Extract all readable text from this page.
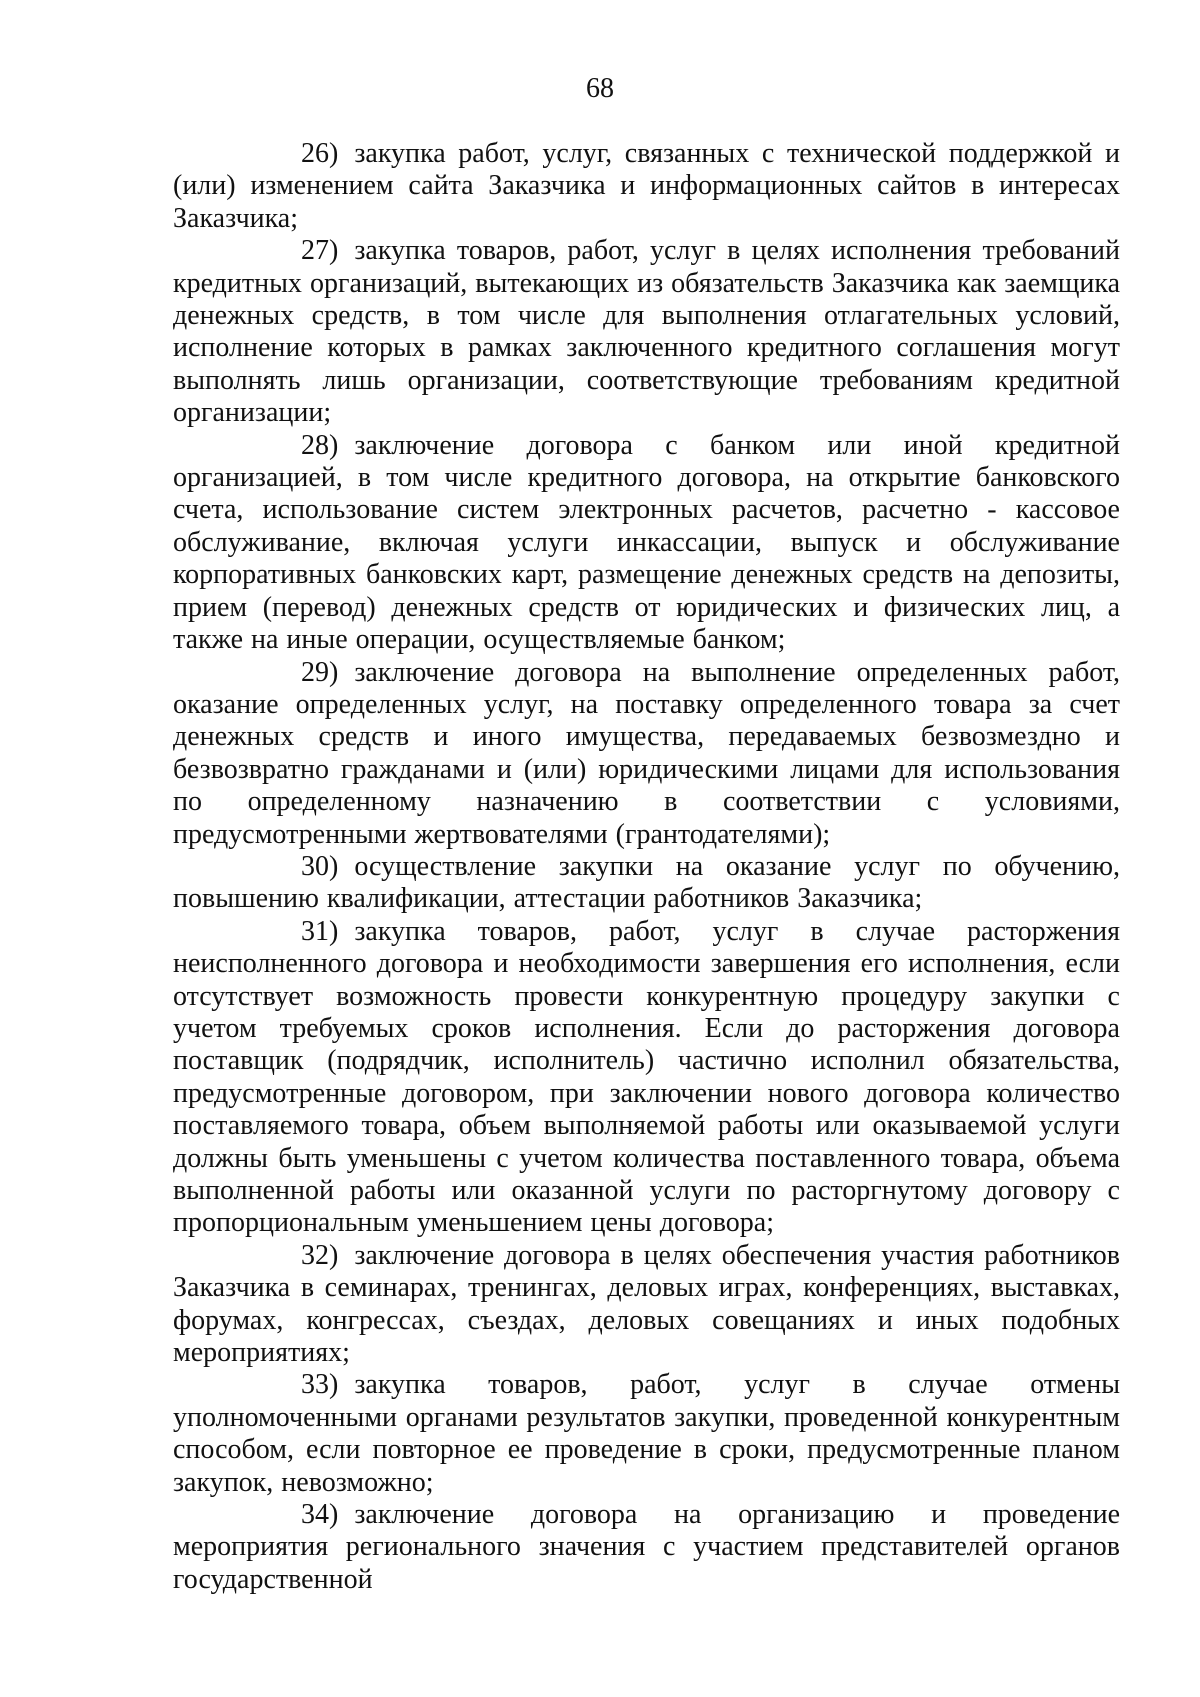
68

26) закупка работ, услуг, связанных с технической поддержкой и (или) изменением сайта Заказчика и информационных сайтов в интересах Заказчика;

27) закупка товаров, работ, услуг в целях исполнения требований кредитных организаций, вытекающих из обязательств Заказчика как заемщика денежных средств, в том числе для выполнения отлагательных условий, исполнение которых в рамках заключенного кредитного соглашения могут выполнять лишь организации, соответствующие требованиям кредитной организации;

28) заключение договора с банком или иной кредитной организацией, в том числе кредитного договора, на открытие банковского счета, использование систем электронных расчетов, расчетно - кассовое обслуживание, включая услуги инкассации, выпуск и обслуживание корпоративных банковских карт, размещение денежных средств на депозиты, прием (перевод) денежных средств от юридических и физических лиц, а также на иные операции, осуществляемые банком;

29) заключение договора на выполнение определенных работ, оказание определенных услуг, на поставку определенного товара за счет денежных средств и иного имущества, передаваемых безвозмездно и безвозвратно гражданами и (или) юридическими лицами для использования по определенному назначению в соответствии с условиями, предусмотренными жертвователями (грантодателями);

30) осуществление закупки на оказание услуг по обучению, повышению квалификации, аттестации работников Заказчика;

31) закупка товаров, работ, услуг в случае расторжения неисполненного договора и необходимости завершения его исполнения, если отсутствует возможность провести конкурентную процедуру закупки с учетом требуемых сроков исполнения. Если до расторжения договора поставщик (подрядчик, исполнитель) частично исполнил обязательства, предусмотренные договором, при заключении нового договора количество поставляемого товара, объем выполняемой работы или оказываемой услуги должны быть уменьшены с учетом количества поставленного товара, объема выполненной работы или оказанной услуги по расторгнутому договору с пропорциональным уменьшением цены договора;

32) заключение договора в целях обеспечения участия работников Заказчика в семинарах, тренингах, деловых играх, конференциях, выставках, форумах, конгрессах, съездах, деловых совещаниях и иных подобных мероприятиях;

33) закупка товаров, работ, услуг в случае отмены уполномоченными органами результатов закупки, проведенной конкурентным способом, если повторное ее проведение в сроки, предусмотренные планом закупок, невозможно;

34) заключение договора на организацию и проведение мероприятия регионального значения с участием представителей органов государственной
